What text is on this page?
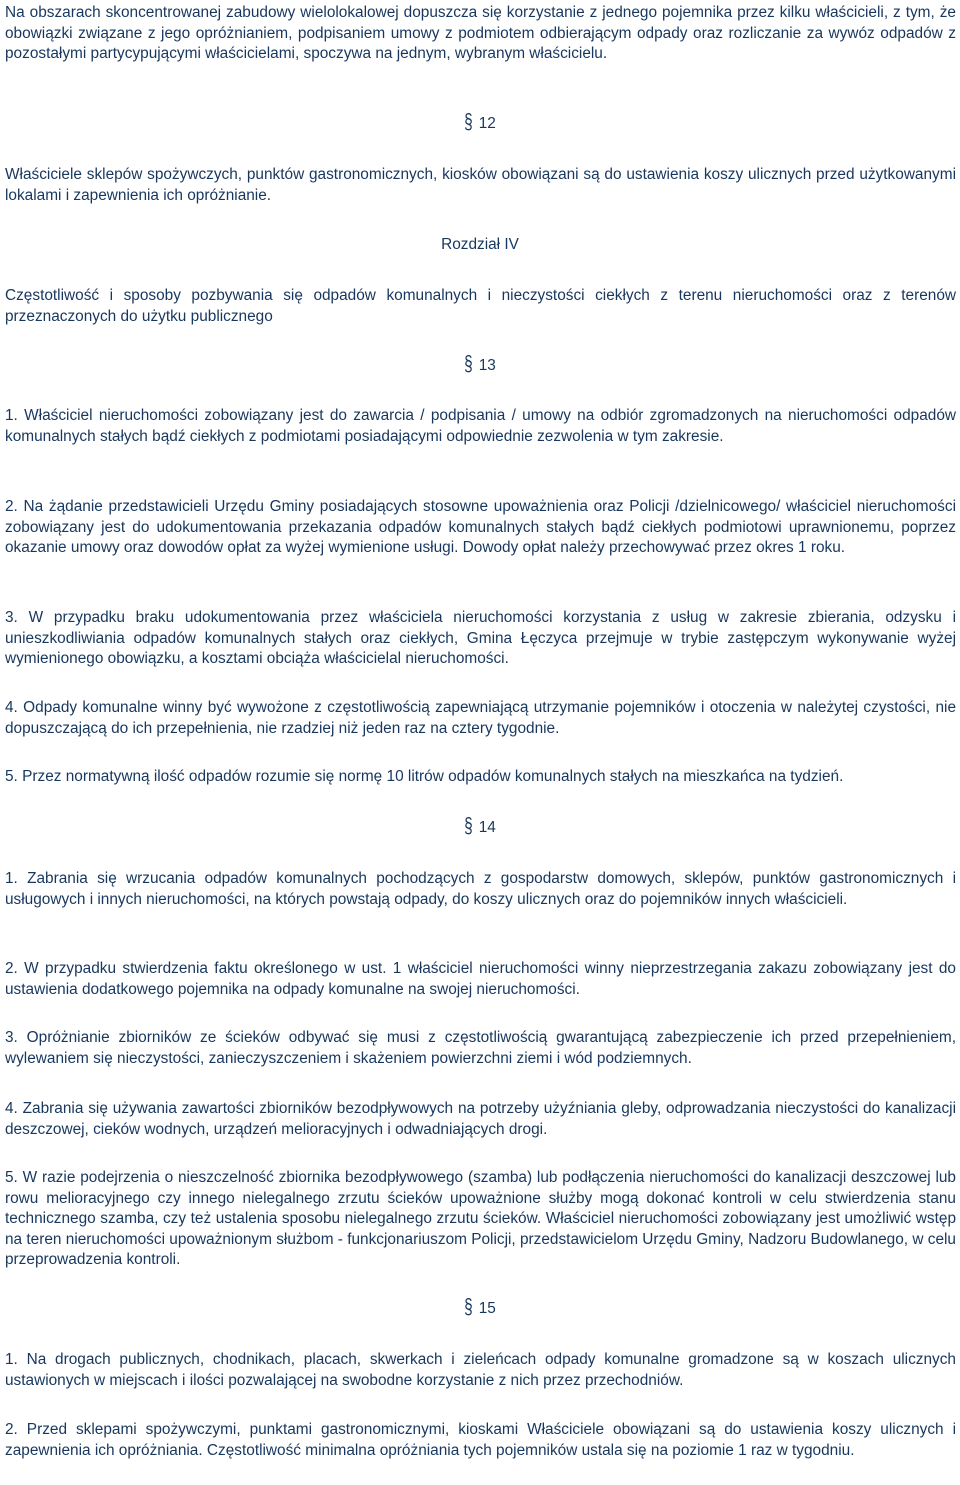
Na obszarach skoncentrowanej zabudowy wielolokalowej dopuszcza się korzystanie z jednego pojemnika przez kilku właścicieli, z tym, że obowiązki związane z jego opróżnianiem, podpisaniem umowy z podmiotem odbierającym odpady oraz rozliczanie za wywóz odpadów z pozostałymi partycypującymi właścicielami, spoczywa na jednym, wybranym właścicielu.

§ 12

Właściciele sklepów spożywczych, punktów gastronomicznych, kiosków obowiązani są do ustawienia koszy ulicznych przed użytkowanymi lokalami i zapewnienia ich opróżnianie.

Rozdział IV

Częstotliwość i sposoby pozbywania się odpadów komunalnych i nieczystości ciekłych z terenu nieruchomości oraz z terenów przeznaczonych do użytku publicznego

§ 13

1. Właściciel nieruchomości zobowiązany jest do zawarcia / podpisania / umowy na odbiór zgromadzonych na nieruchomości odpadów komunalnych stałych bądź ciekłych z podmiotami posiadającymi odpowiednie zezwolenia w tym zakresie.

2. Na żądanie przedstawicieli Urzędu Gminy posiadających stosowne upoważnienia oraz Policji /dzielnicowego/ właściciel nieruchomości zobowiązany jest do udokumentowania przekazania odpadów komunalnych stałych bądź ciekłych podmiotowi uprawnionemu, poprzez okazanie umowy oraz dowodów opłat za wyżej wymienione usługi. Dowody opłat należy przechowywać przez okres 1 roku.

3. W przypadku braku udokumentowania przez właściciela nieruchomości korzystania z usług w zakresie zbierania, odzysku i unieszkodliwiania odpadów komunalnych stałych oraz ciekłych, Gmina Łęczyca przejmuje w trybie zastępczym wykonywanie wyżej wymienionego obowiązku, a kosztami obciąża właścicielal nieruchomości.

4. Odpady komunalne winny być wywożone z częstotliwością zapewniającą utrzymanie pojemników i otoczenia w należytej czystości, nie dopuszczającą do ich przepełnienia, nie rzadziej niż jeden raz na cztery tygodnie.

5. Przez normatywną ilość odpadów rozumie się normę 10 litrów odpadów komunalnych stałych na mieszkańca na tydzień.

§ 14

1. Zabrania się wrzucania odpadów komunalnych pochodzących z gospodarstw domowych, sklepów, punktów gastronomicznych i usługowych i innych nieruchomości, na których powstają odpady, do koszy ulicznych oraz do pojemników innych właścicieli.

2. W przypadku stwierdzenia faktu określonego w ust. 1 właściciel nieruchomości winny nieprzestrzegania zakazu zobowiązany jest do ustawienia dodatkowego pojemnika na odpady komunalne na swojej nieruchomości.

3. Opróżnianie zbiorników ze ścieków odbywać się musi z częstotliwością gwarantującą zabezpieczenie ich przed przepełnieniem, wylewaniem się nieczystości, zanieczyszczeniem i skażeniem powierzchni ziemi i wód podziemnych.

4. Zabrania się używania zawartości zbiorników bezodpływowych na potrzeby użyźniania gleby, odprowadzania nieczystości do kanalizacji deszczowej, cieków wodnych, urządzeń melioracyjnych i odwadniających drogi.

5. W razie podejrzenia o nieszczelność zbiornika bezodpływowego (szamba) lub podłączenia nieruchomości do kanalizacji deszczowej lub rowu melioracyjnego czy innego nielegalnego zrzutu ścieków upoważnione służby mogą dokonać kontroli w celu stwierdzenia stanu technicznego szamba, czy też ustalenia sposobu nielegalnego zrzutu ścieków. Właściciel nieruchomości zobowiązany jest umożliwić wstęp na teren nieruchomości upoważnionym służbom - funkcjonariuszom Policji, przedstawicielom Urzędu Gminy, Nadzoru Budowlanego, w celu przeprowadzenia kontroli.

§ 15

1. Na drogach publicznych, chodnikach, placach, skwerkach i zieleńcach odpady komunalne gromadzone są w koszach ulicznych ustawionych w miejscach i ilości pozwalającej na swobodne korzystanie z nich przez przechodniów.

2. Przed sklepami spożywczymi, punktami gastronomicznymi, kioskami Właściciele obowiązani są do ustawienia koszy ulicznych i zapewnienia ich opróżniania. Częstotliwość minimalna opróżniania tych pojemników ustala się na poziomie 1 raz w tygodniu.
